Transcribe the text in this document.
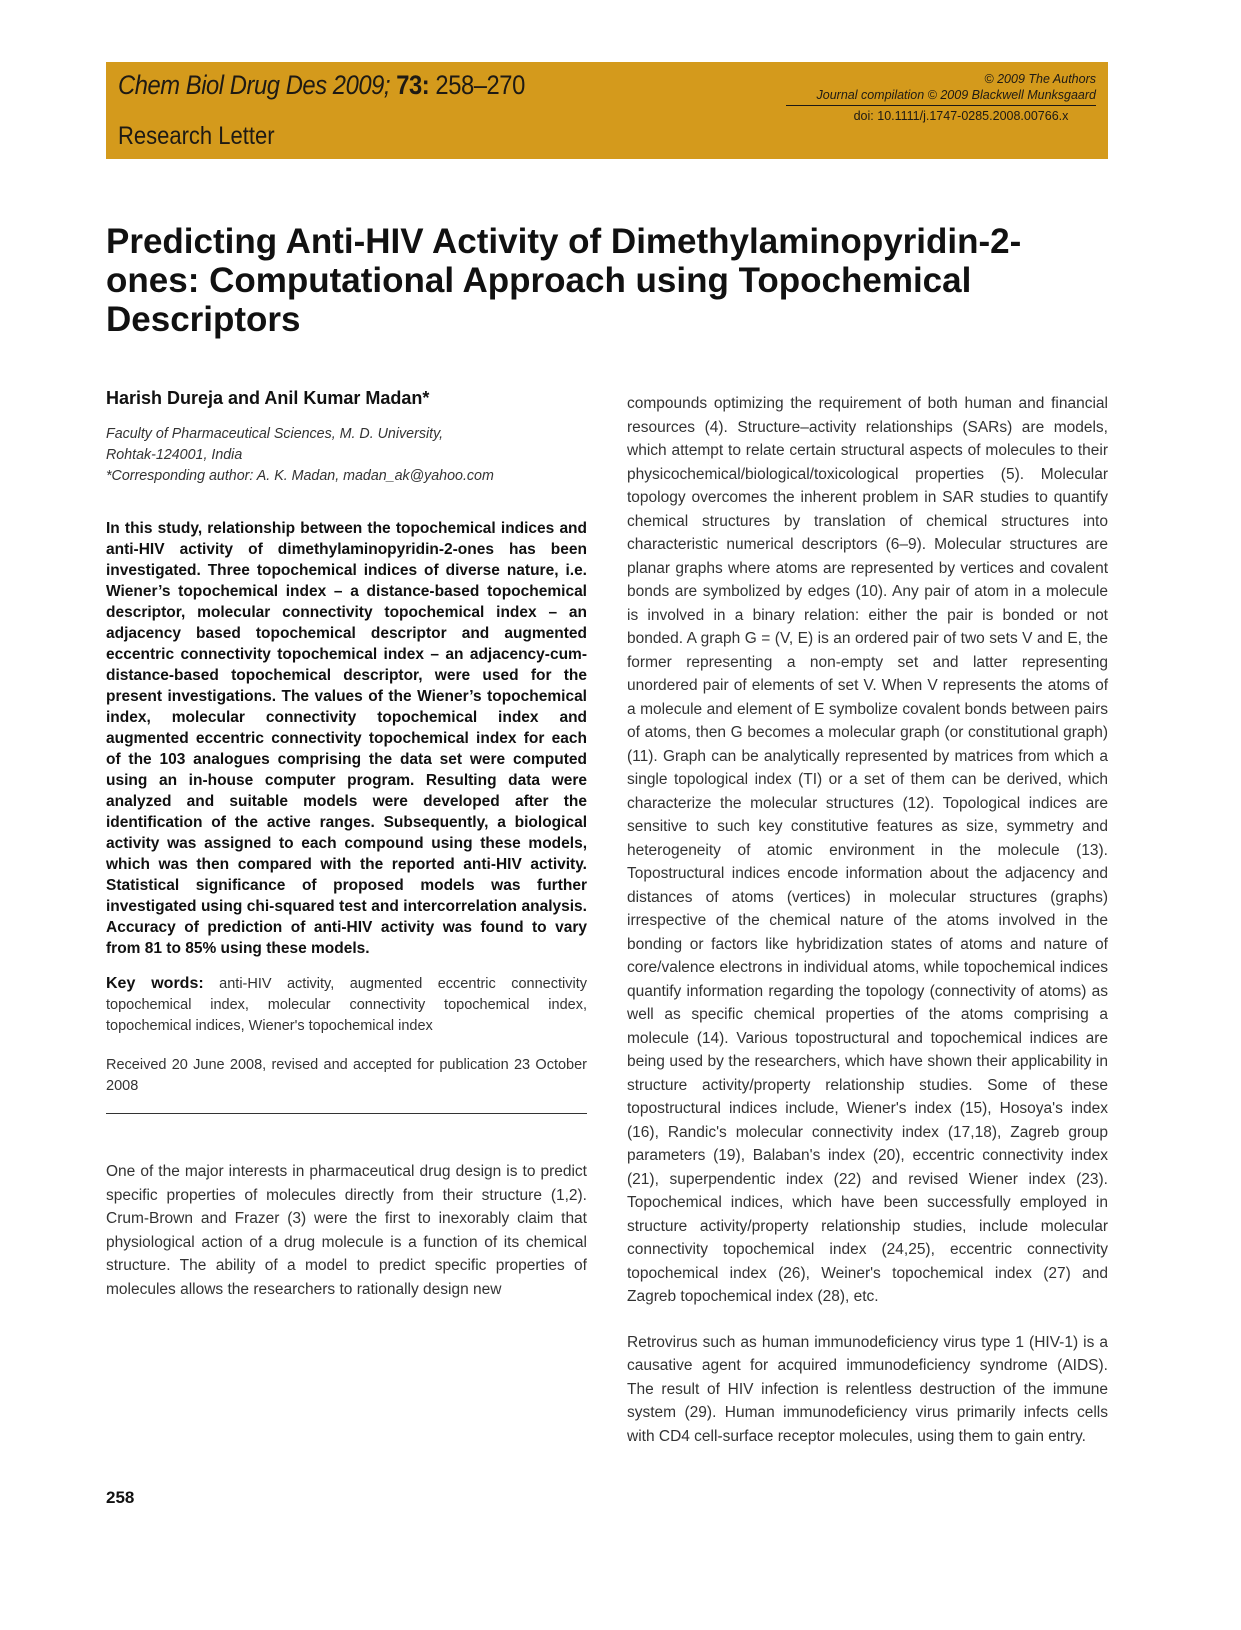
Chem Biol Drug Des 2009; 73: 258–270
Research Letter
© 2009 The Authors
Journal compilation © 2009 Blackwell Munksgaard
doi: 10.1111/j.1747-0285.2008.00766.x
Predicting Anti-HIV Activity of Dimethylaminopyridin-2-ones: Computational Approach using Topochemical Descriptors
Harish Dureja and Anil Kumar Madan*
Faculty of Pharmaceutical Sciences, M. D. University,
Rohtak-124001, India
*Corresponding author: A. K. Madan, madan_ak@yahoo.com
In this study, relationship between the topochemical indices and anti-HIV activity of dimethylaminopyridin-2-ones has been investigated. Three topochemical indices of diverse nature, i.e. Wiener’s topochemical index – a distance-based topochemical descriptor, molecular connectivity topochemical index – an adjacency based topochemical descriptor and augmented eccentric connectivity topochemical index – an adjacency-cum-distance-based topochemical descriptor, were used for the present investigations. The values of the Wiener’s topochemical index, molecular connectivity topochemical index and augmented eccentric connectivity topochemical index for each of the 103 analogues comprising the data set were computed using an in-house computer program. Resulting data were analyzed and suitable models were developed after the identification of the active ranges. Subsequently, a biological activity was assigned to each compound using these models, which was then compared with the reported anti-HIV activity. Statistical significance of proposed models was further investigated using chi-squared test and intercorrelation analysis. Accuracy of prediction of anti-HIV activity was found to vary from 81 to 85% using these models.
Key words: anti-HIV activity, augmented eccentric connectivity topochemical index, molecular connectivity topochemical index, topochemical indices, Wiener's topochemical index
Received 20 June 2008, revised and accepted for publication 23 October 2008

One of the major interests in pharmaceutical drug design is to predict specific properties of molecules directly from their structure (1,2). Crum-Brown and Frazer (3) were the first to inexorably claim that physiological action of a drug molecule is a function of its chemical structure. The ability of a model to predict specific properties of molecules allows the researchers to rationally design new

compounds optimizing the requirement of both human and financial resources (4). Structure–activity relationships (SARs) are models, which attempt to relate certain structural aspects of molecules to their physicochemical/biological/toxicological properties (5). Molecular topology overcomes the inherent problem in SAR studies to quantify chemical structures by translation of chemical structures into characteristic numerical descriptors (6–9). Molecular structures are planar graphs where atoms are represented by vertices and covalent bonds are symbolized by edges (10). Any pair of atom in a molecule is involved in a binary relation: either the pair is bonded or not bonded. A graph G = (V, E) is an ordered pair of two sets V and E, the former representing a non-empty set and latter representing unordered pair of elements of set V. When V represents the atoms of a molecule and element of E symbolize covalent bonds between pairs of atoms, then G becomes a molecular graph (or constitutional graph) (11). Graph can be analytically represented by matrices from which a single topological index (TI) or a set of them can be derived, which characterize the molecular structures (12). Topological indices are sensitive to such key constitutive features as size, symmetry and heterogeneity of atomic environment in the molecule (13). Topostructural indices encode information about the adjacency and distances of atoms (vertices) in molecular structures (graphs) irrespective of the chemical nature of the atoms involved in the bonding or factors like hybridization states of atoms and nature of core/valence electrons in individual atoms, while topochemical indices quantify information regarding the topology (connectivity of atoms) as well as specific chemical properties of the atoms comprising a molecule (14). Various topostructural and topochemical indices are being used by the researchers, which have shown their applicability in structure activity/property relationship studies. Some of these topostructural indices include, Wiener's index (15), Hosoya's index (16), Randic's molecular connectivity index (17,18), Zagreb group parameters (19), Balaban's index (20), eccentric connectivity index (21), superpendentic index (22) and revised Wiener index (23). Topochemical indices, which have been successfully employed in structure activity/property relationship studies, include molecular connectivity topochemical index (24,25), eccentric connectivity topochemical index (26), Weiner's topochemical index (27) and Zagreb topochemical index (28), etc.

Retrovirus such as human immunodeficiency virus type 1 (HIV-1) is a causative agent for acquired immunodeficiency syndrome (AIDS). The result of HIV infection is relentless destruction of the immune system (29). Human immunodeficiency virus primarily infects cells with CD4 cell-surface receptor molecules, using them to gain entry.

258
